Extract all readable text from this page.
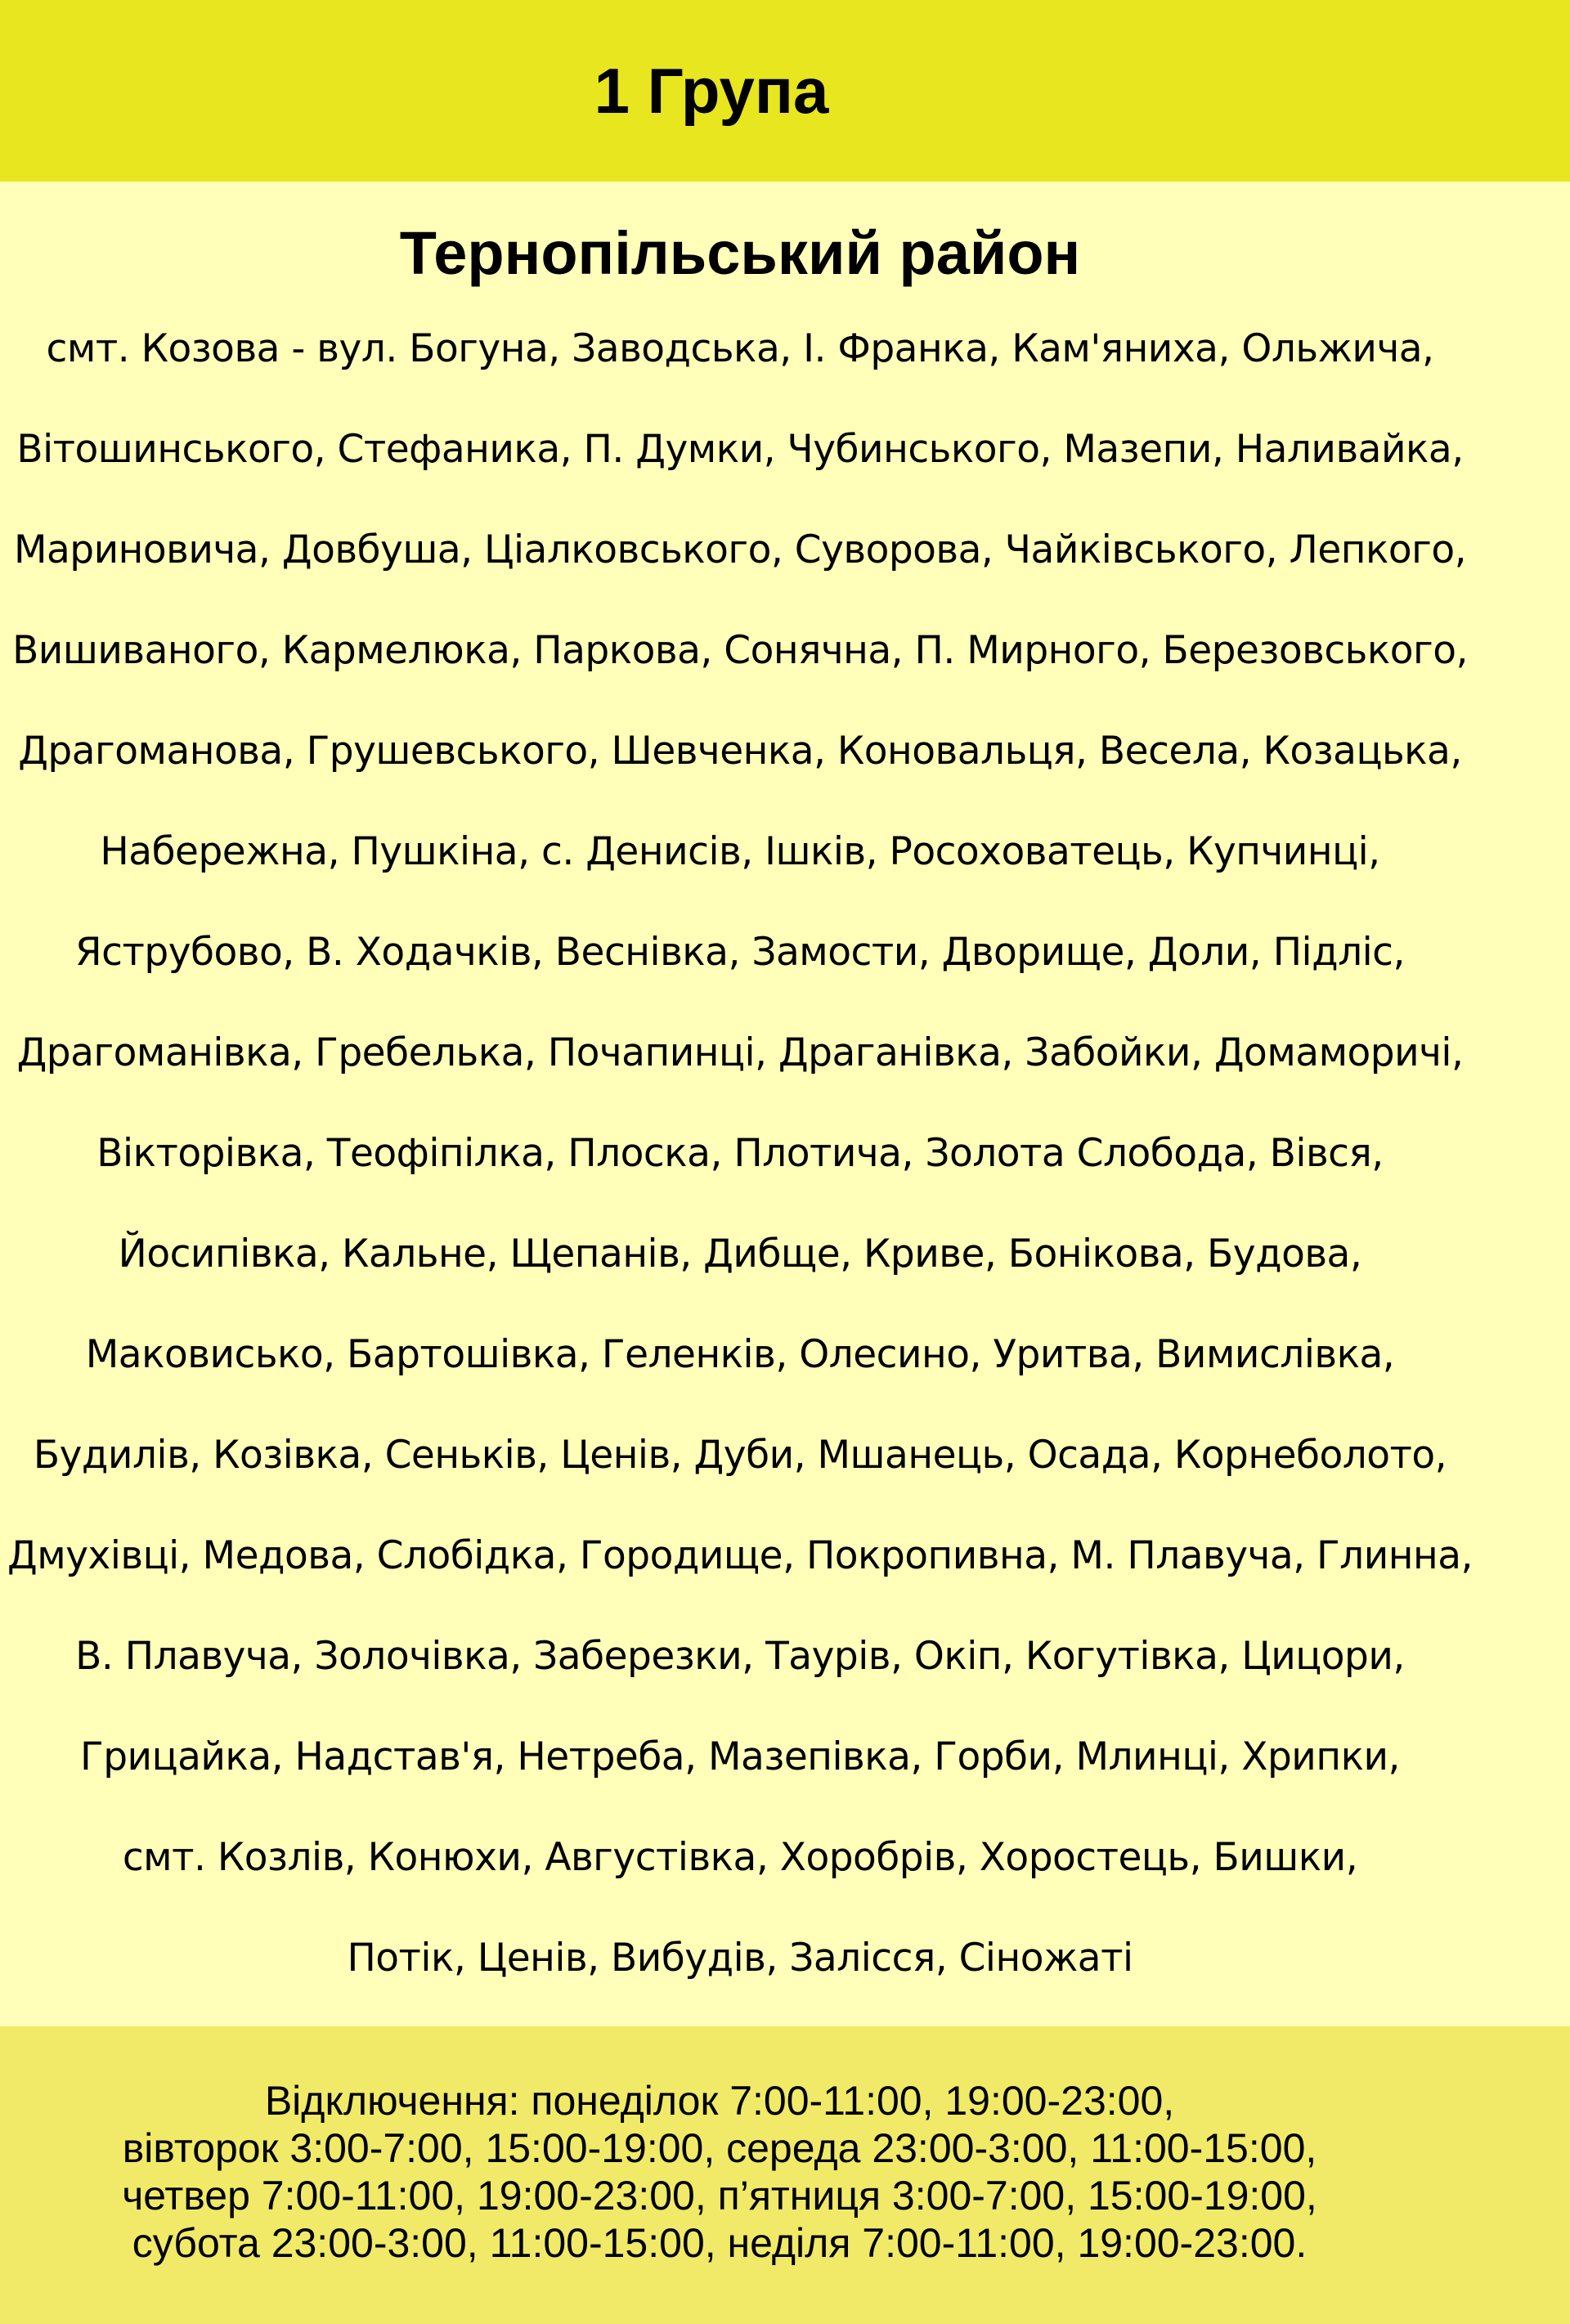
1 Група
Тернопільський район
смт. Козова - вул. Богуна, Заводська, І. Франка, Кам'яниха, Ольжича,
Вітошинського, Стефаника, П. Думки, Чубинського, Мазепи, Наливайка,
Мариновича, Довбуша, Ціалковського, Суворова, Чайківського, Лепкого,
Вишиваного, Кармелюка, Паркова, Сонячна, П. Мирного, Березовського,
Драгоманова, Грушевського, Шевченка, Коновальця, Весела, Козацька,
Набережна, Пушкіна, с. Денисів, Ішків, Росоховатець, Купчинці,
Яструбово, В. Ходачків, Веснівка, Замости, Дворище, Доли, Підліс,
Драгоманівка, Гребелька, Почапинці, Драганівка, Забойки, Домаморичі,
Вікторівка, Теофіпілка, Плоска, Плотича, Золота Слобода, Вівся,
Йосипівка, Кальне, Щепанів, Дибще, Криве, Бонікова, Будова,
Маковисько, Бартошівка, Геленків, Олесино, Уритва, Вимислівка,
Будилів, Козівка, Сеньків, Ценів, Дуби, Мшанець, Осада, Корнеболото,
Дмухівці, Медова, Слобідка, Городище, Покропивна, М. Плавуча, Глинна,
В. Плавуча, Золочівка, Заберезки, Таурів, Окіп, Когутівка, Цицори,
Грицайка, Надстав'я, Нетреба, Мазепівка, Горби, Млинці, Хрипки,
смт. Козлів, Конюхи, Августівка, Хоробрів, Хоростець, Бишки,
Потік, Ценів, Вибудів, Залісся, Сіножаті
Відключення: понеділок 7:00-11:00, 19:00-23:00,
вівторок 3:00-7:00, 15:00-19:00, середа 23:00-3:00, 11:00-15:00,
четвер 7:00-11:00, 19:00-23:00, п’ятниця 3:00-7:00, 15:00-19:00,
субота 23:00-3:00, 11:00-15:00, неділя 7:00-11:00, 19:00-23:00.
